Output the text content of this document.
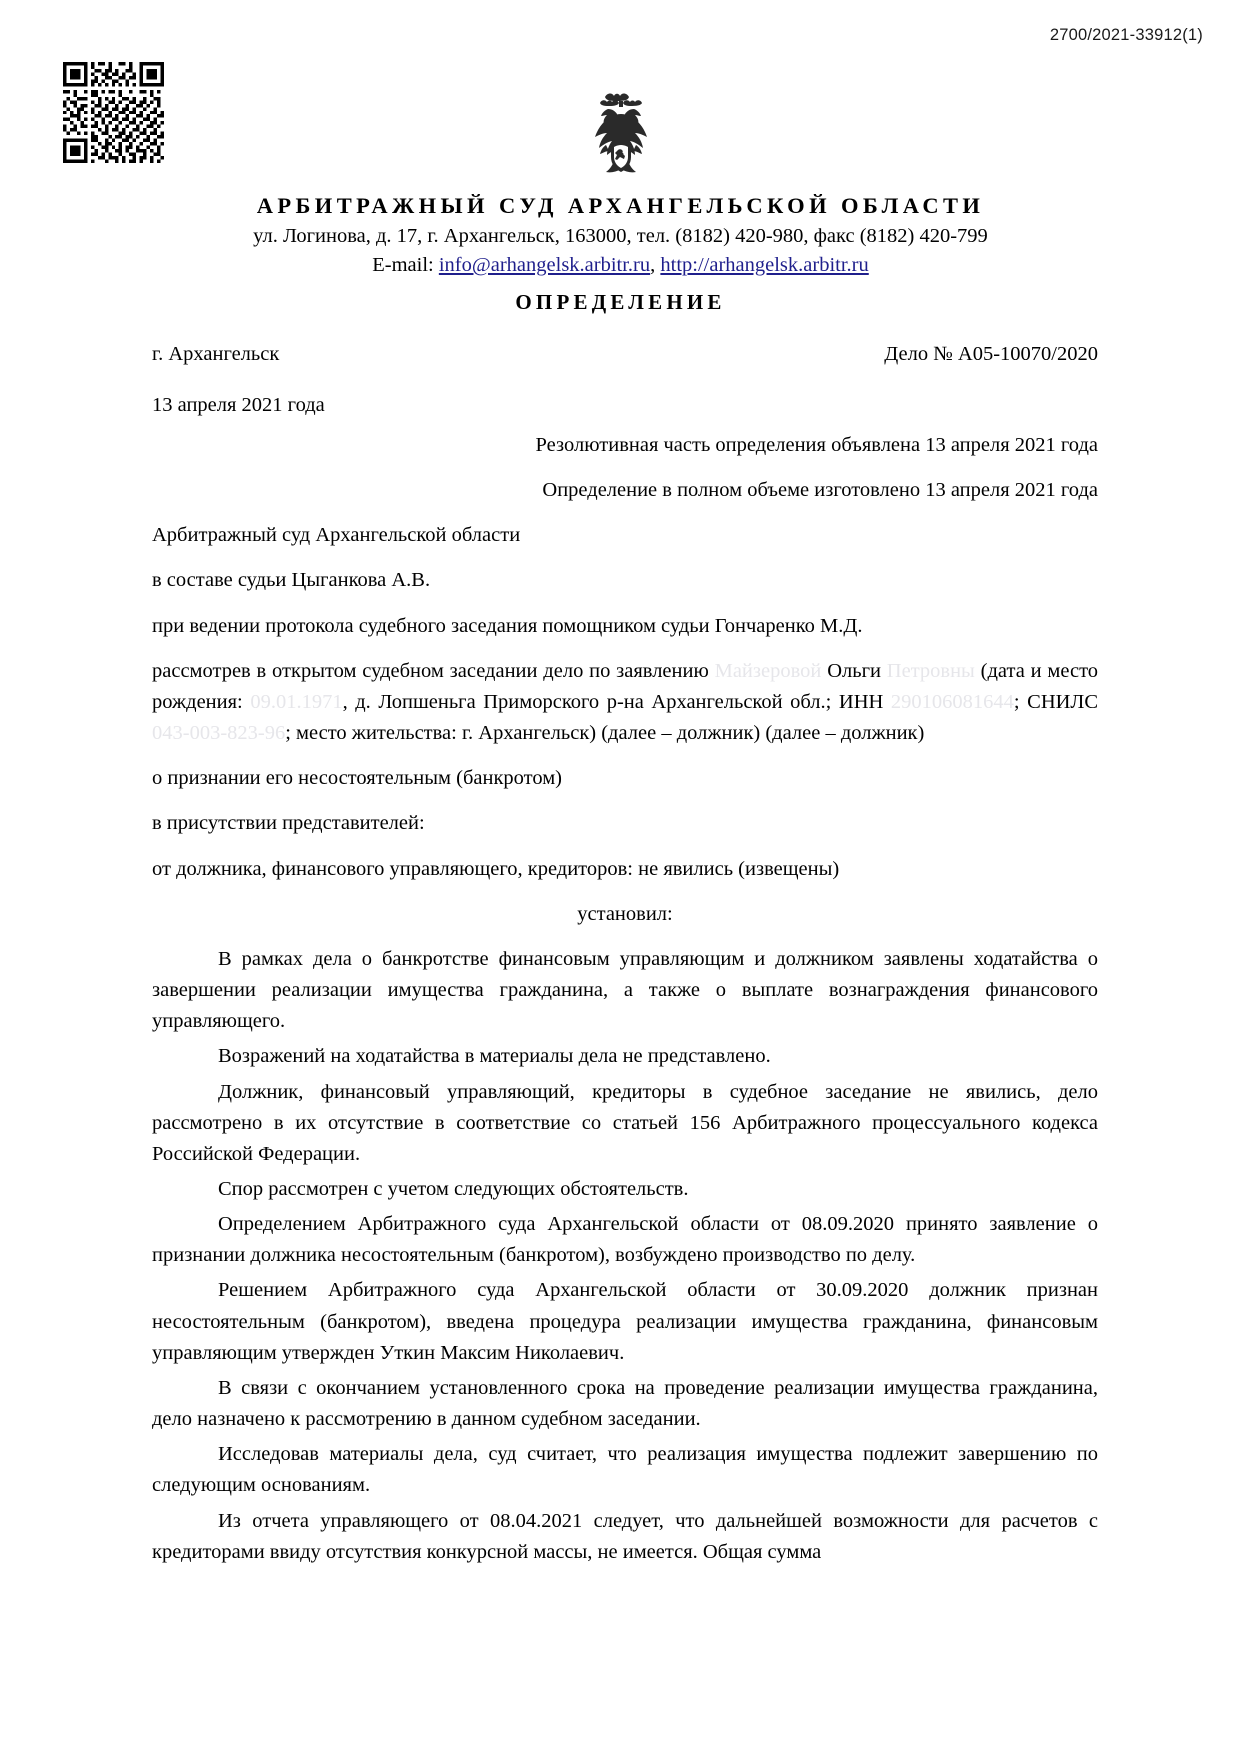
2700/2021-33912(1)
АРБИТРАЖНЫЙ СУД АРХАНГЕЛЬСКОЙ ОБЛАСТИ
ул. Логинова, д. 17, г. Архангельск, 163000, тел. (8182) 420-980, факс (8182) 420-799
E-mail: info@arhangelsk.arbitr.ru, http://arhangelsk.arbitr.ru
ОПРЕДЕЛЕНИЕ
г. Архангельск	Дело № А05-10070/2020
13 апреля 2021 года
Резолютивная часть определения объявлена 13 апреля 2021 года
Определение в полном объеме изготовлено 13 апреля 2021 года
Арбитражный суд Архангельской области
в составе судьи Цыганкова А.В.
при ведении протокола судебного заседания помощником судьи Гончаренко М.Д.
рассмотрев в открытом судебном заседании дело по заявлению Майзеровой Ольги Петровны (дата и место рождения: 09.01.1971, д. Лопшеньга Приморского р-на Архангельской обл.; ИНН 290106081644; СНИЛС 043-003-823-96; место жительства: г. Архангельск) (далее – должник) (далее – должник)
о признании его несостоятельным (банкротом)
в присутствии представителей:
от должника, финансового управляющего, кредиторов: не явились (извещены)
установил:
В рамках дела о банкротстве финансовым управляющим и должником заявлены ходатайства о завершении реализации имущества гражданина, а также о выплате вознаграждения финансового управляющего.
Возражений на ходатайства в материалы дела не представлено.
Должник, финансовый управляющий, кредиторы в судебное заседание не явились, дело рассмотрено в их отсутствие в соответствие со статьей 156 Арбитражного процессуального кодекса Российской Федерации.
Спор рассмотрен с учетом следующих обстоятельств.
Определением Арбитражного суда Архангельской области от 08.09.2020 принято заявление о признании должника несостоятельным (банкротом), возбуждено производство по делу.
Решением Арбитражного суда Архангельской области от 30.09.2020 должник признан несостоятельным (банкротом), введена процедура реализации имущества гражданина, финансовым управляющим утвержден Уткин Максим Николаевич.
В связи с окончанием установленного срока на проведение реализации имущества гражданина, дело назначено к рассмотрению в данном судебном заседании.
Исследовав материалы дела, суд считает, что реализация имущества подлежит завершению по следующим основаниям.
Из отчета управляющего от 08.04.2021 следует, что дальнейшей возможности для расчетов с кредиторами ввиду отсутствия конкурсной массы, не имеется. Общая сумма
